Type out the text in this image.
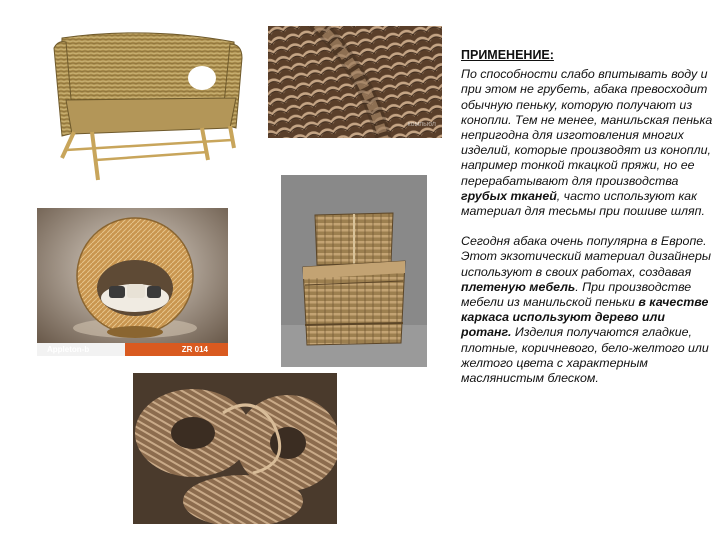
компьюл
Appleton-b	ZR 014
ПРИМЕНЕНИЕ:

По способности слабо впитывать воду и при этом не грубеть, абака превосходит обычную пеньку, которую получают из конопли. Тем не менее, манильская пенька непригодна для изготовления многих изделий, которые производят из конопли, например тонкой ткацкой пряжи, но ее перерабатывают для производства грубых тканей, часто используют как материал для тесьмы при пошиве шляп.

Сегодня абака очень популярна в Европе. Этот экзотический материал дизайнеры используют в своих работах, создавая плетеную мебель. При производстве мебели из манильской пеньки в качестве каркаса используют дерево или ротанг. Изделия получаются гладкие, плотные, коричневого, бело-желтого или желтого цвета с характерным маслянистым блеском.
